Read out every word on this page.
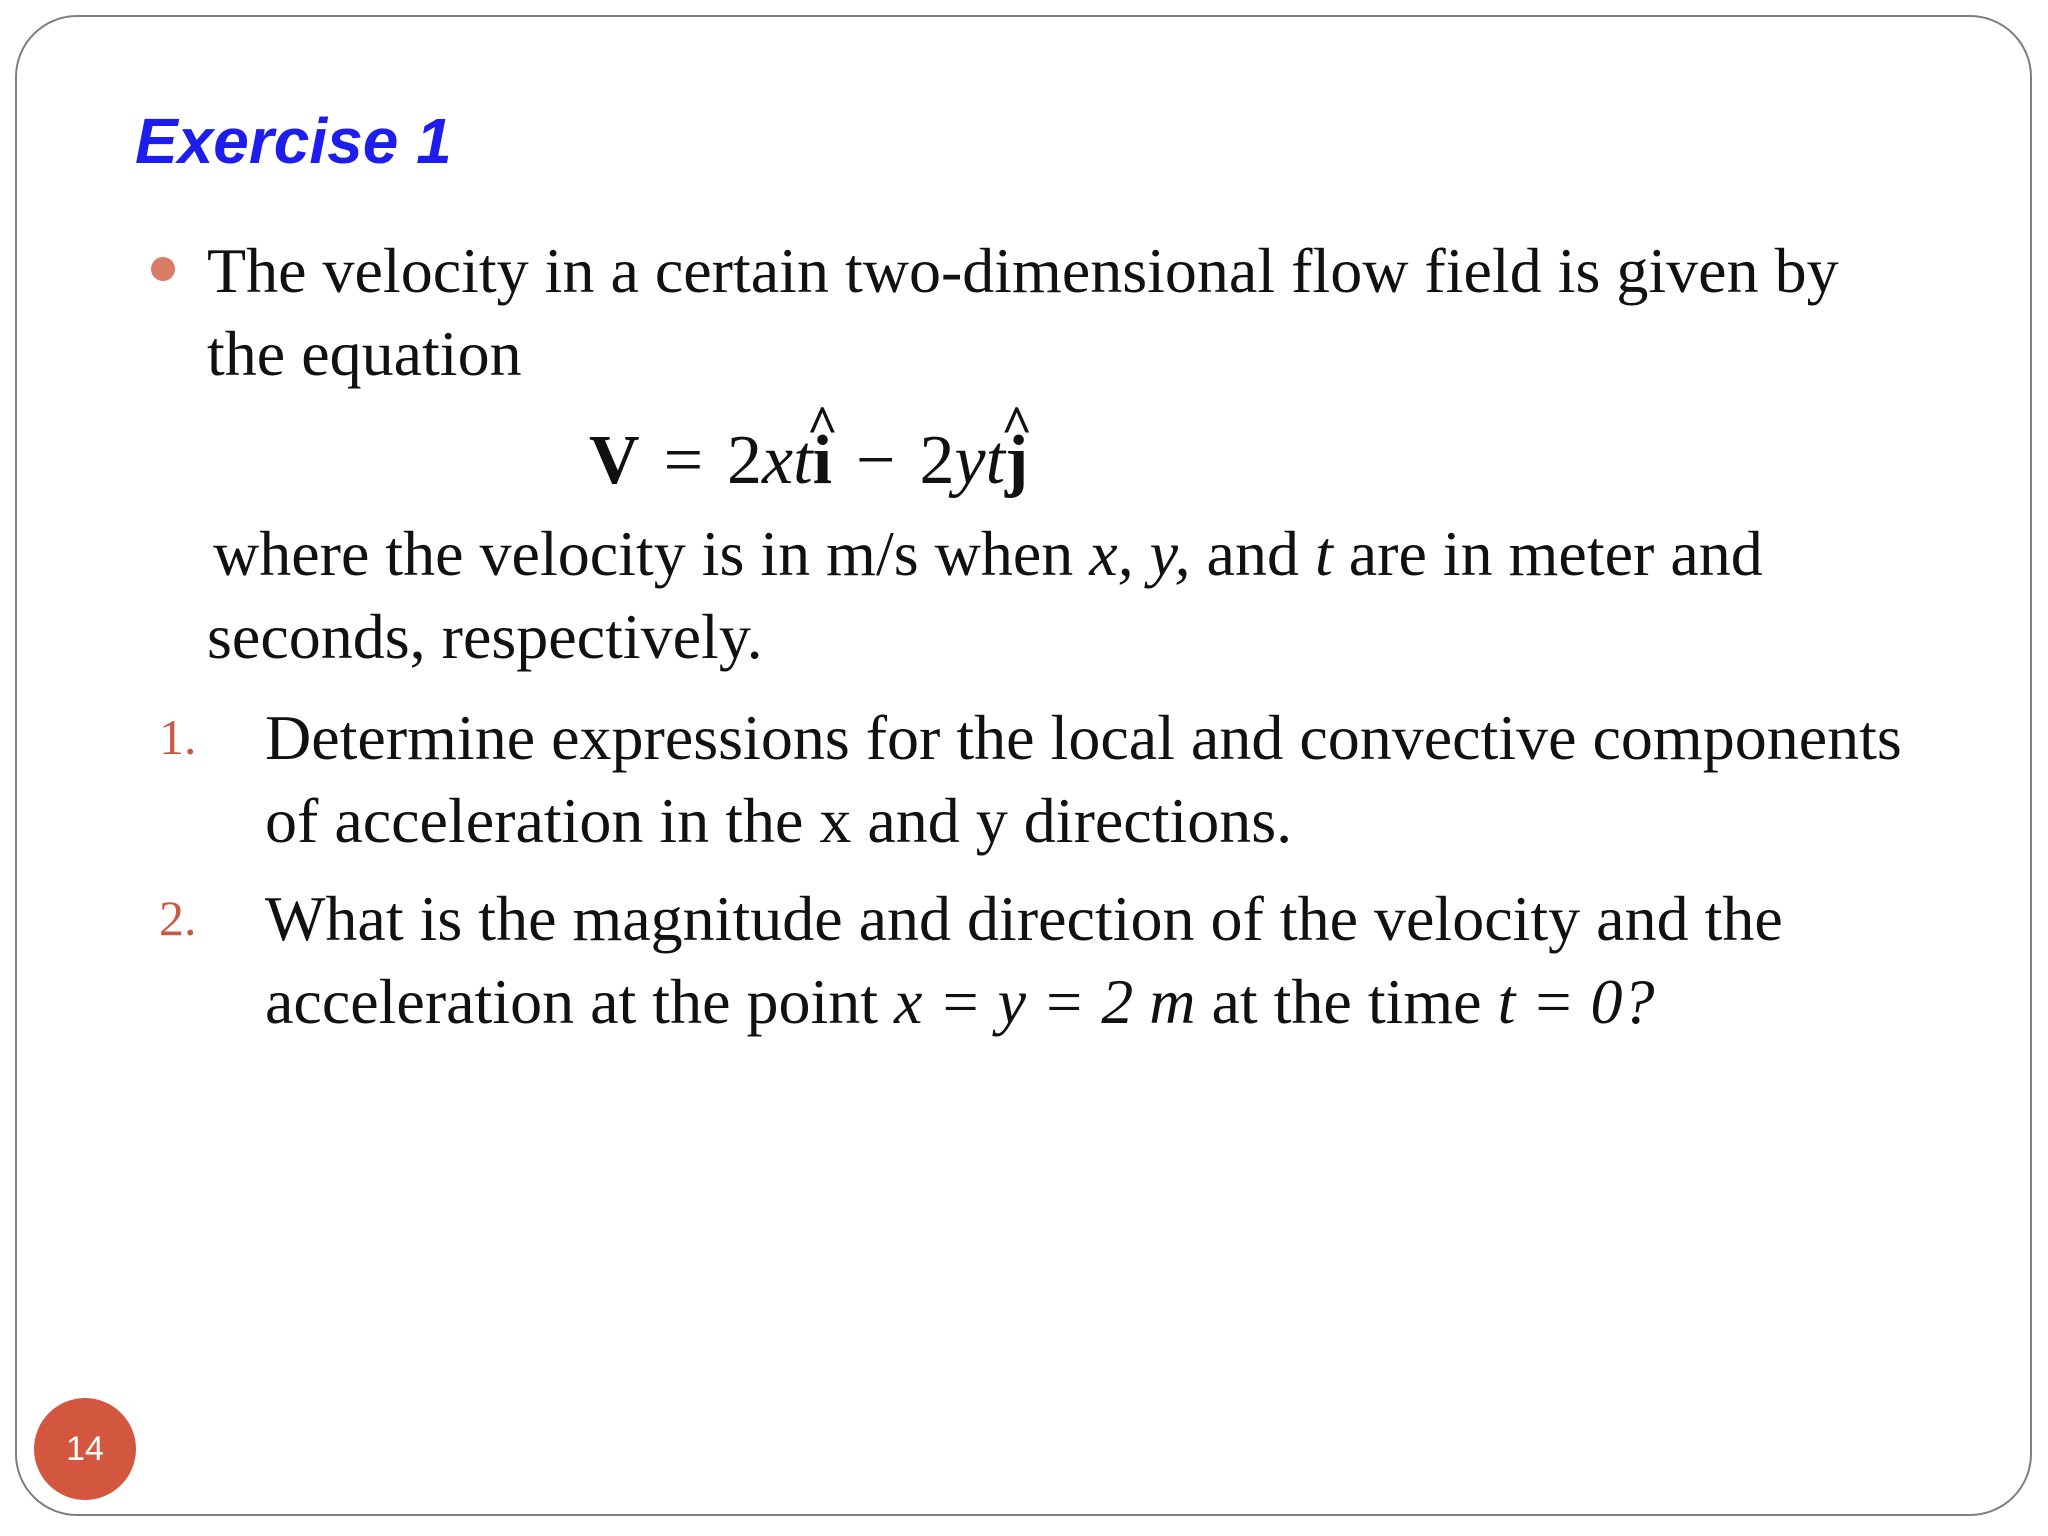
Exercise 1

The velocity in a certain two-dimensional flow field is given by the equation

V = 2xt^ i − 2yt^ j

where the velocity is in m/s when x, y, and t are in meter and seconds, respectively.

1. Determine expressions for the local and convective components of acceleration in the x and y directions.

2. What is the magnitude and direction of the velocity and the acceleration at the point x = y = 2 m at the time t = 0?

14
